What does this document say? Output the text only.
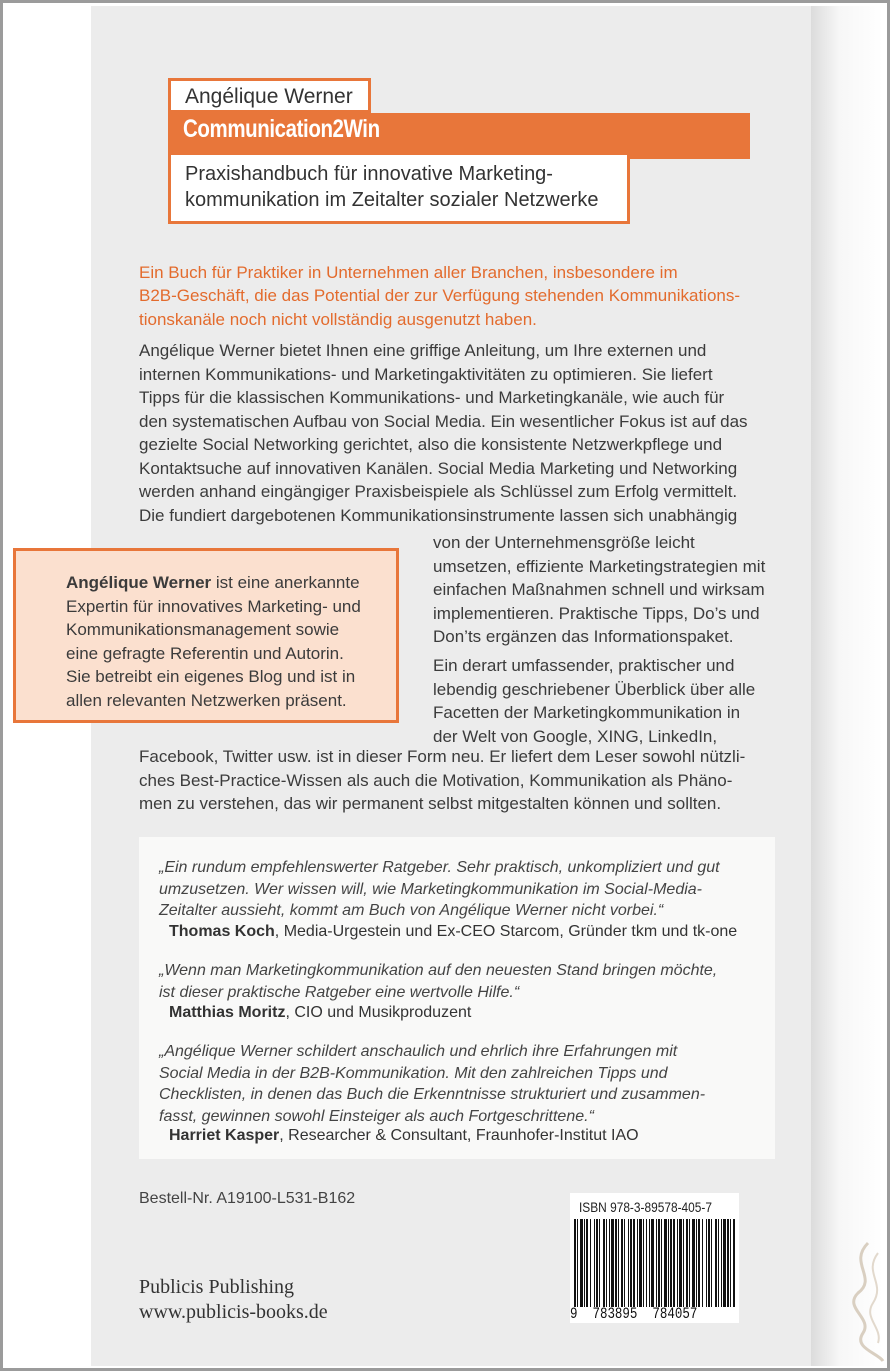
Angélique Werner
Communication2Win
Praxishandbuch für innovative Marketing-
kommunikation im Zeitalter sozialer Netzwerke
Ein Buch für Praktiker in Unternehmen aller Branchen, insbesondere im
B2B-Geschäft, die das Potential der zur Verfügung stehenden Kommunikations-
tionskanäle noch nicht vollständig ausgenutzt haben.
Angélique Werner bietet Ihnen eine griffige Anleitung, um Ihre externen und
internen Kommunikations- und Marketingaktivitäten zu optimieren. Sie liefert
Tipps für die klassischen Kommunikations- und Marketingkanäle, wie auch für
den systematischen Aufbau von Social Media. Ein wesentlicher Fokus ist auf das
gezielte Social Networking gerichtet, also die konsistente Netzwerkpflege und
Kontaktsuche auf innovativen Kanälen. Social Media Marketing und Networking
werden anhand eingängiger Praxisbeispiele als Schlüssel zum Erfolg vermittelt.
Die fundiert dargebotenen Kommunikationsinstrumente lassen sich unabhängig
von der Unternehmensgröße leicht
umsetzen, effiziente Marketingstrategien mit
einfachen Maßnahmen schnell und wirksam
implementieren. Praktische Tipps, Do’s und
Don’ts ergänzen das Informationspaket.
Ein derart umfassender, praktischer und
lebendig geschriebener Überblick über alle
Facetten der Marketingkommunikation in
der Welt von Google, XING, LinkedIn,
Facebook, Twitter usw. ist in dieser Form neu. Er liefert dem Leser sowohl nützli-
ches Best-Practice-Wissen als auch die Motivation, Kommunikation als Phäno-
men zu verstehen, das wir permanent selbst mitgestalten können und sollten.
Angélique Werner ist eine anerkannte
Expertin für innovatives Marketing- und
Kommunikationsmanagement sowie
eine gefragte Referentin und Autorin.
Sie betreibt ein eigenes Blog und ist in
allen relevanten Netzwerken präsent.
„Ein rundum empfehlenswerter Ratgeber. Sehr praktisch, unkompliziert und gut
umzusetzen. Wer wissen will, wie Marketingkommunikation im Social-Media-
Zeitalter aussieht, kommt am Buch von Angélique Werner nicht vorbei.“
Thomas Koch, Media-Urgestein und Ex-CEO Starcom, Gründer tkm und tk-one
„Wenn man Marketingkommunikation auf den neuesten Stand bringen möchte,
ist dieser praktische Ratgeber eine wertvolle Hilfe.“
Matthias Moritz, CIO und Musikproduzent
„Angélique Werner schildert anschaulich und ehrlich ihre Erfahrungen mit
Social Media in der B2B-Kommunikation. Mit den zahlreichen Tipps und
Checklisten, in denen das Buch die Erkenntnisse strukturiert und zusammen-
fasst, gewinnen sowohl Einsteiger als auch Fortgeschrittene.“
Harriet Kasper, Researcher & Consultant, Fraunhofer-Institut IAO
Bestell-Nr. A19100-L531-B162
Publicis Publishing
www.publicis-books.de
ISBN 978-3-89578-405-7
9  783895  784057
